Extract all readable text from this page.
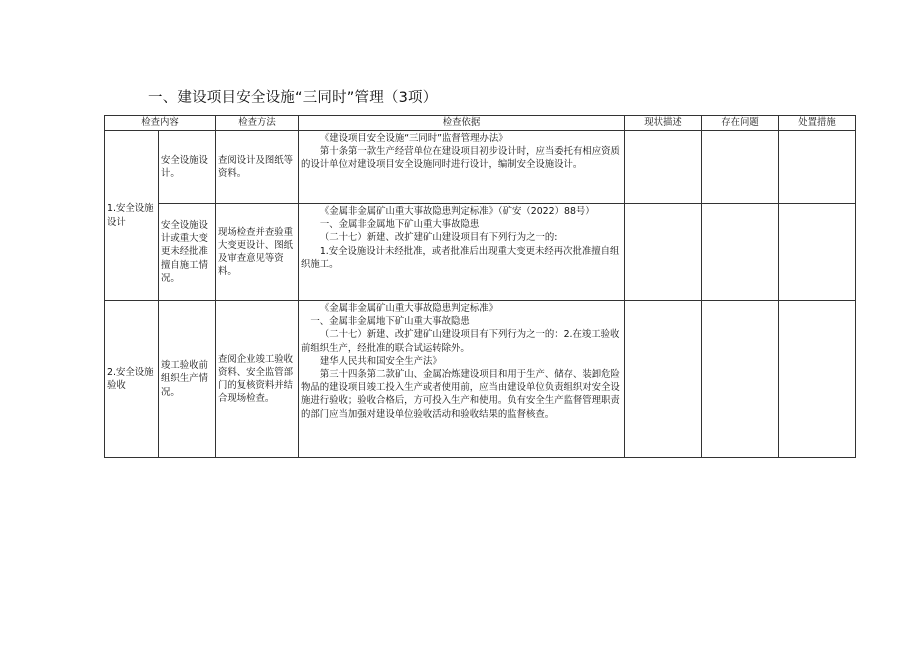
一、建设项目安全设施“三同时”管理（3项）
检查内容		检查方法	检查依据	现状描述	存在问题	处置措施
1.安全设施设计	安全设施设计。	查阅设计及图纸等资料。	《建设项目安全设施“三同时”监督管理办法》

第十条第一款生产经营单位在建设项目初步设计时，应当委托有相应资质的设计单位对建设项目安全设施同时进行设计，编制安全设施设计。			

	安全设施设计或重大变更未经批准擅自施工情况。	现场检查并查验重大变更设计、图纸及审查意见等资料。	《金属非金属矿山重大事故隐患判定标准》（矿安（2022）88号）

一、金属非金属地下矿山重大事故隐患

（二十七）新建、改扩建矿山建设项目有下列行为之一的:

1.安全设施设计未经批准，或者批准后出现重大变更未经再次批准擅自组织施工。			

2.安全设施验收	竣工验收前组织生产情况。	查阅企业竣工验收资料、安全监管部门的复核资料并结合现场检查。	《金属非金属矿山重大事故隐患判定标准》

一、金属非金属地下矿山重大事故隐患

（二十七）新建、改扩建矿山建设项目有下列行为之一的：2.在竣工验收前组织生产，经批准的联合试运转除外。

建华人民共和国安全生产法》

第三十四条第二款矿山、金属冶炼建设项目和用于生产、储存、装卸危险物品的建设项目竣工投入生产或者使用前，应当由建设单位负责组织对安全设施进行验收；验收合格后，方可投入生产和使用。负有安全生产监督管理职责的部门应当加强对建设单位验收活动和验收结果的监督核查。			
